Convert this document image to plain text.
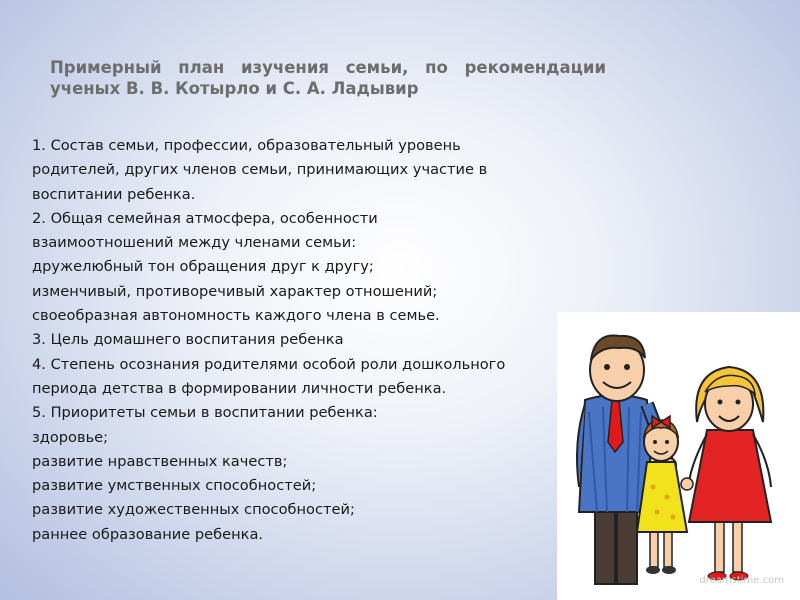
Примерный план изучения семьи, по рекомендации ученых В. В. Котырло и С. А. Ладывир
1. Состав семьи, профессии, образовательный уровень
родителей, других членов семьи, принимающих участие в
воспитании ребенка.
2. Общая семейная атмосфера, особенности
взаимоотношений между членами семьи:
дружелюбный тон обращения друг к другу;
изменчивый, противоречивый характер отношений;
своеобразная автономность каждого члена в семье.
3. Цель домашнего воспитания ребенка
4. Степень осознания родителями особой роли дошкольного
периода детства в формировании личности ребенка.
5. Приоритеты семьи в воспитании ребенка:
здоровье;
развитие нравственных качеств;
развитие умственных способностей;
развитие художественных способностей;
раннее образование ребенка.
dreamstime.com
